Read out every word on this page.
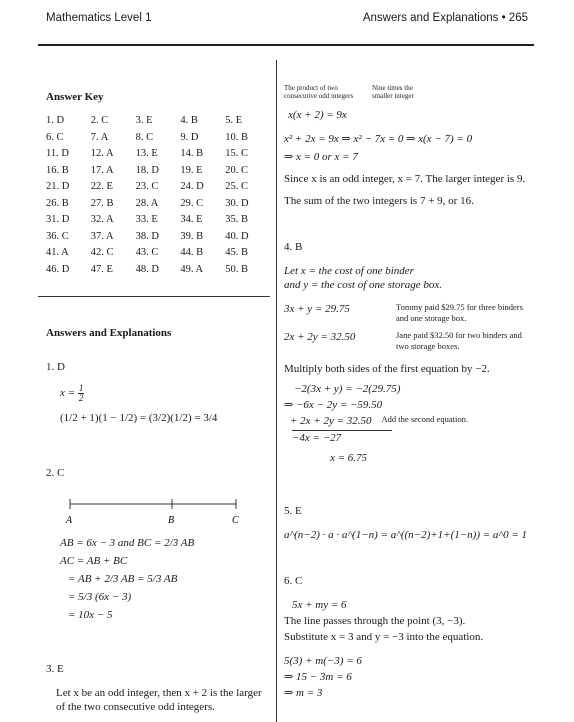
Mathematics Level 1	Answers and Explanations • 265
Answer Key
1. D	2. C	3. E	4. B	5. E
6. C	7. A	8. C	9. D	10. B
11. D	12. A	13. E	14. B	15. C
16. B	17. A	18. D	19. E	20. C
21. D	22. E	23. C	24. D	25. C
26. B	27. B	28. A	29. C	30. D
31. D	32. A	33. E	34. E	35. B
36. C	37. A	38. D	39. B	40. D
41. A	42. C	43. C	44. B	45. B
46. D	47. E	48. D	49. A	50. B
Answers and Explanations
1. D
$x = \frac{1}{2}$
(1/2 + 1)(1 − 1/2) = (3/2)(1/2) = 3/4
2. C
A	B	C
AB = 6x − 3 and BC = 2/3 AB
AC = AB + BC
= AB + 2/3 AB = 5/3 AB
= 5/3 (6x − 3)
= 10x − 5
3. E
Let x be an odd integer, then x + 2 is the larger of the two consecutive odd integers.
The product of two consecutive odd integers
Nine times the smaller integer
x(x + 2) = 9x
x² + 2x = 9x ⇒ x² − 7x = 0 ⇒ x(x − 7) = 0
⇒ x = 0 or x = 7
Since x is an odd integer, x = 7. The larger integer is 9.
The sum of the two integers is 7 + 9, or 16.
4. B
Let x = the cost of one binder
and y = the cost of one storage box.
3x + y = 29.75	Tommy paid $29.75 for three binders and one storage box.
2x + 2y = 32.50	Jane paid $32.50 for two binders and two storage boxes.
Multiply both sides of the first equation by −2.
−2(3x + y) = −2(29.75)
⇒ −6x − 2y = −59.50
+ 2x + 2y = 32.50 Add the second equation.
−4x = −27
x = 6.75
5. E
a^(n−2) · a · a^(1−n) = a^((n−2)+1+(1−n)) = a^0 = 1
6. C
5x + my = 6
The line passes through the point (3, −3).
Substitute x = 3 and y = −3 into the equation.
5(3) + m(−3) = 6
⇒ 15 − 3m = 6
⇒ m = 3
